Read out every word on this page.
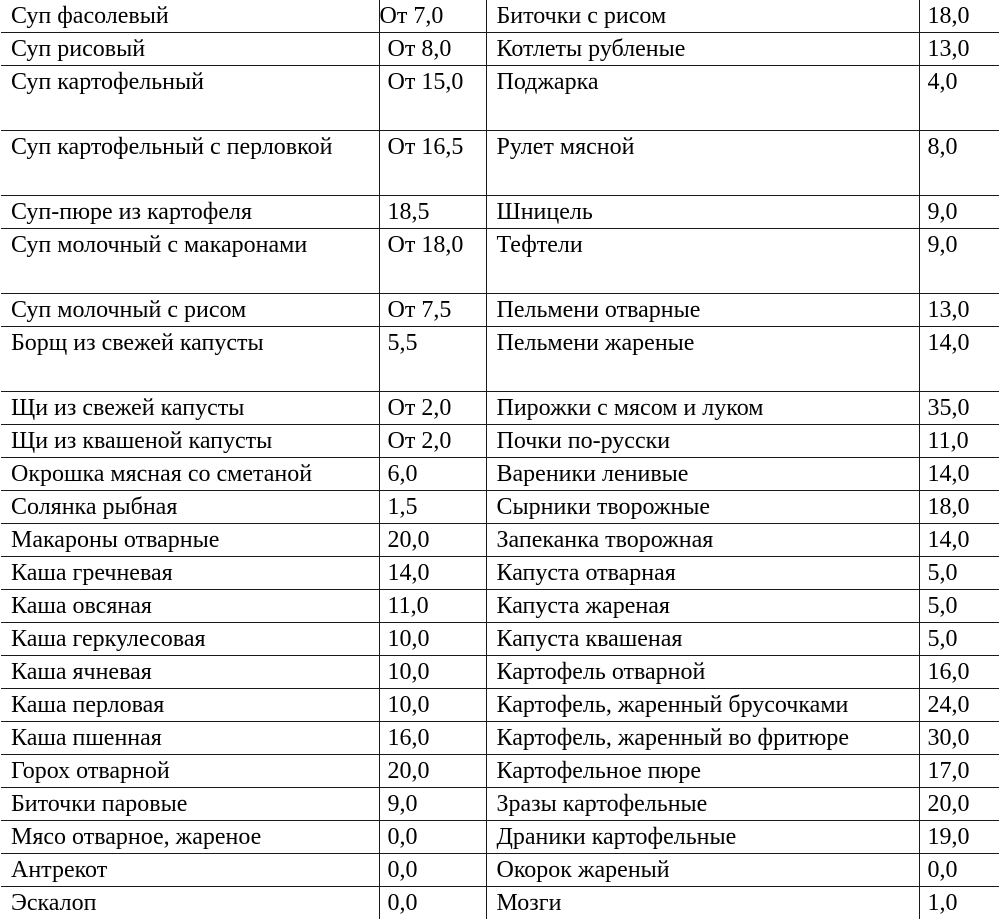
Суп фасолевый	От 7,0	Биточки с рисом	18,0
Суп рисовый	От 8,0	Котлеты рубленые	13,0
Суп картофельный	От 15,0	Поджарка	4,0
Суп картофельный с перловкой	От 16,5	Рулет мясной	8,0
Суп-пюре из картофеля	18,5	Шницель	9,0
Суп молочный с макаронами	От 18,0	Тефтели	9,0
Суп молочный с рисом	От 7,5	Пельмени отварные	13,0
Борщ из свежей капусты	5,5	Пельмени жареные	14,0
Щи из свежей капусты	От 2,0	Пирожки с мясом и луком	35,0
Щи из квашеной капусты	От 2,0	Почки по-русски	11,0
Окрошка мясная со сметаной	6,0	Вареники ленивые	14,0
Солянка рыбная	1,5	Сырники творожные	18,0
Макароны отварные	20,0	Запеканка творожная	14,0
Каша гречневая	14,0	Капуста отварная	5,0
Каша овсяная	11,0	Капуста жареная	5,0
Каша геркулесовая	10,0	Капуста квашеная	5,0
Каша ячневая	10,0	Картофель отварной	16,0
Каша перловая	10,0	Картофель, жаренный брусочками	24,0
Каша пшенная	16,0	Картофель, жаренный во фритюре	30,0
Горох отварной	20,0	Картофельное пюре	17,0
Биточки паровые	9,0	Зразы картофельные	20,0
Мясо отварное, жареное	0,0	Драники картофельные	19,0
Антрекот	0,0	Окорок жареный	0,0
Эскалоп	0,0	Мозги	1,0
